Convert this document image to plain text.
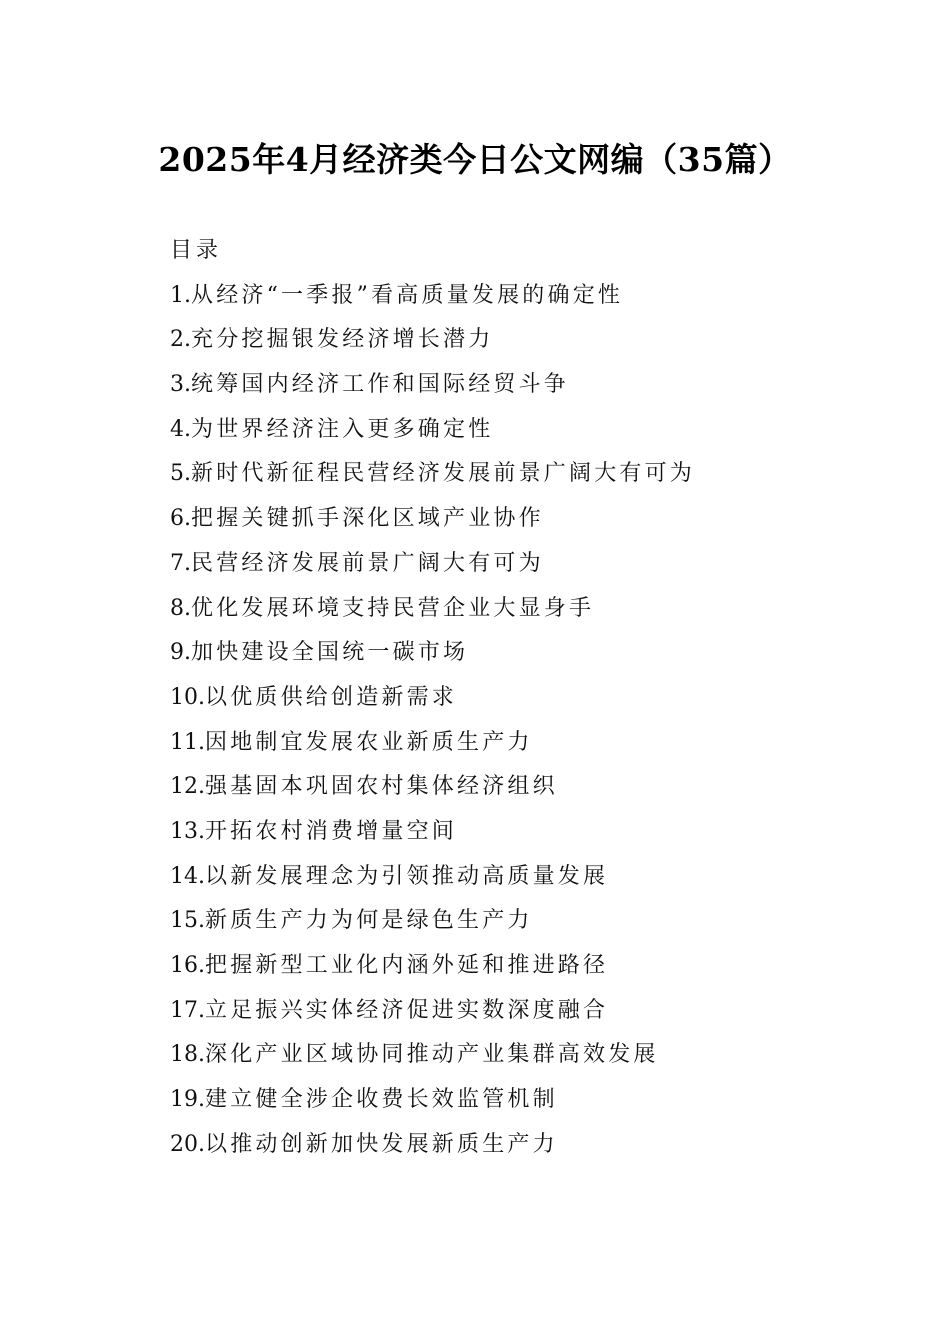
2025年4月经济类今日公文网编（35篇）
目录
1.从经济“一季报”看高质量发展的确定性
2.充分挖掘银发经济增长潜力
3.统筹国内经济工作和国际经贸斗争
4.为世界经济注入更多确定性
5.新时代新征程民营经济发展前景广阔大有可为
6.把握关键抓手深化区域产业协作
7.民营经济发展前景广阔大有可为
8.优化发展环境支持民营企业大显身手
9.加快建设全国统一碳市场
10.以优质供给创造新需求
11.因地制宜发展农业新质生产力
12.强基固本巩固农村集体经济组织
13.开拓农村消费增量空间
14.以新发展理念为引领推动高质量发展
15.新质生产力为何是绿色生产力
16.把握新型工业化内涵外延和推进路径
17.立足振兴实体经济促进实数深度融合
18.深化产业区域协同推动产业集群高效发展
19.建立健全涉企收费长效监管机制
20.以推动创新加快发展新质生产力
